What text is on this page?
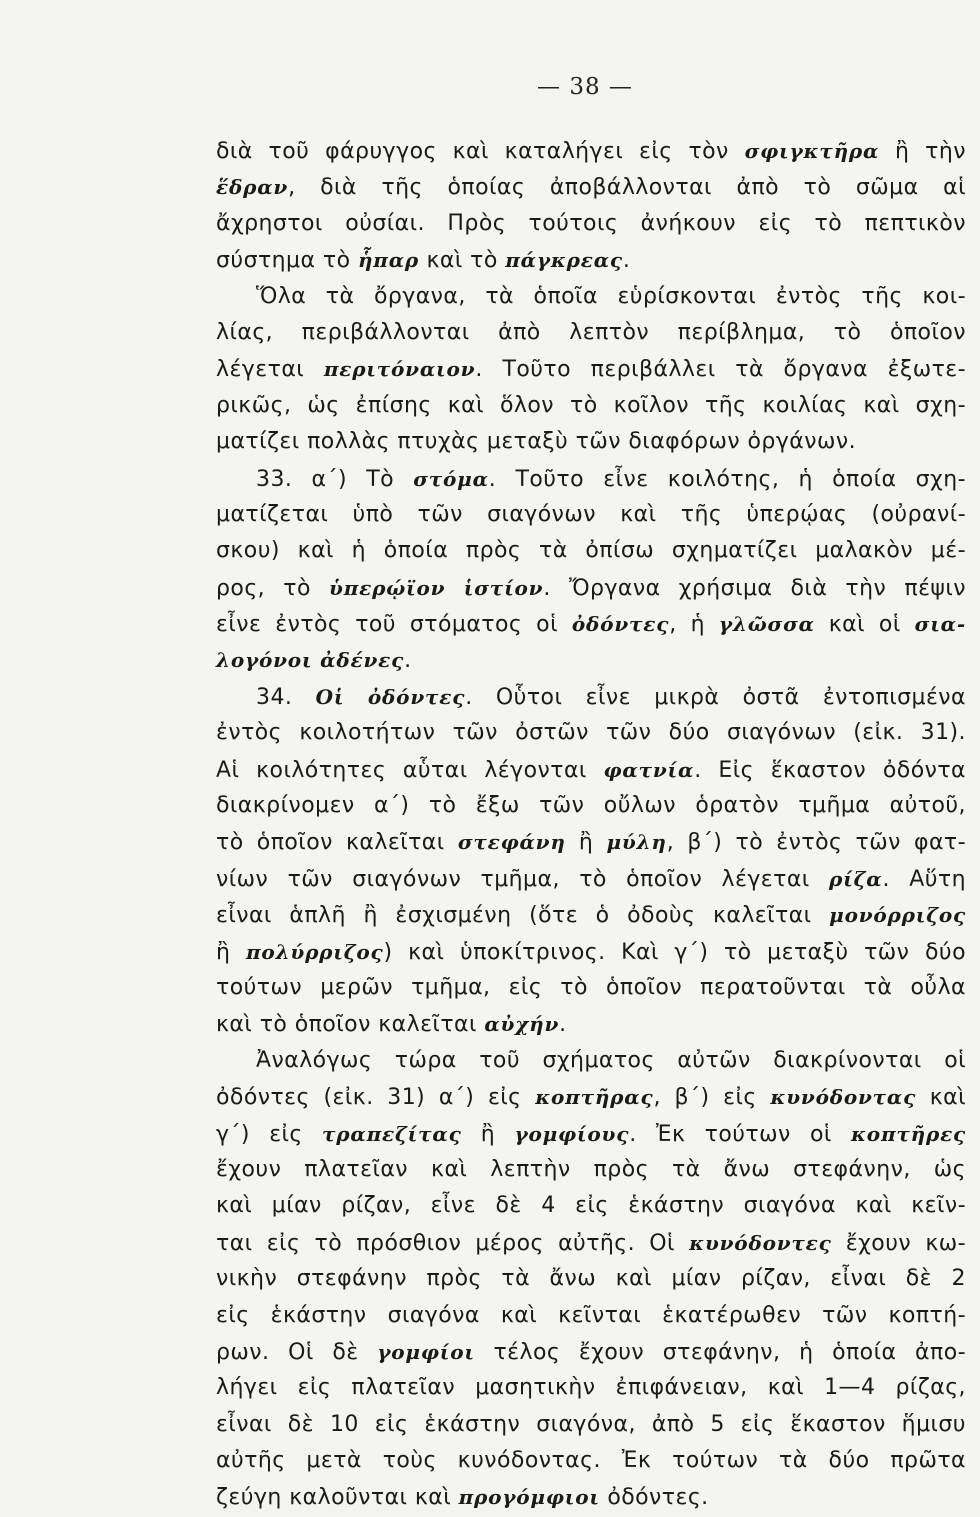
— 38 —
διὰ τοῦ φάρυγγος καὶ καταλήγει εἰς τὸν σφιγκτῆρα ἢ τὴν
ἕδραν, διὰ τῆς ὁποίας ἀποβάλλονται ἀπὸ τὸ σῶμα αἱ
ἄχρηστοι οὐσίαι. Πρὸς τούτοις ἀνήκουν εἰς τὸ πεπτικὸν
σύστημα τὸ ἧπαρ καὶ τὸ πάγκρεας.
Ὅλα τὰ ὄργανα, τὰ ὁποῖα εὑρίσκονται ἐντὸς τῆς κοι-
λίας, περιβάλλονται ἀπὸ λεπτὸν περίβλημα, τὸ ὁποῖον
λέγεται περιτόναιον. Τοῦτο περιβάλλει τὰ ὄργανα ἐξωτε-
ρικῶς, ὡς ἐπίσης καὶ ὅλον τὸ κοῖλον τῆς κοιλίας καὶ σχη-
ματίζει πολλὰς πτυχὰς μεταξὺ τῶν διαφόρων ὀργάνων.
33. α΄) Τὸ στόμα. Τοῦτο εἶνε κοιλότης, ἡ ὁποία σχη-
ματίζεται ὑπὸ τῶν σιαγόνων καὶ τῆς ὑπερῴας (οὐρανί-
σκου) καὶ ἡ ὁποία πρὸς τὰ ὀπίσω σχηματίζει μαλακὸν μέ-
ρος, τὸ ὑπερῴϊον ἱστίον. Ὄργανα χρήσιμα διὰ τὴν πέψιν
εἶνε ἐντὸς τοῦ στόματος οἱ ὀδόντες, ἡ γλῶσσα καὶ οἱ σια-
λογόνοι ἀδένες.
34. Οἱ ὀδόντες. Οὗτοι εἶνε μικρὰ ὀστᾶ ἐντοπισμένα
ἐντὸς κοιλοτήτων τῶν ὀστῶν τῶν δύο σιαγόνων (εἰκ. 31).
Αἱ κοιλότητες αὗται λέγονται φατνία. Εἰς ἕκαστον ὀδόντα
διακρίνομεν α΄) τὸ ἔξω τῶν οὔλων ὁρατὸν τμῆμα αὐτοῦ,
τὸ ὁποῖον καλεῖται στεφάνη ἢ μύλη, β΄) τὸ ἐντὸς τῶν φατ-
νίων τῶν σιαγόνων τμῆμα, τὸ ὁποῖον λέγεται ρίζα. Αὕτη
εἶναι ἁπλῆ ἢ ἐσχισμένη (ὅτε ὁ ὀδοὺς καλεῖται μονόρριζος
ἢ πολύρριζος) καὶ ὑποκίτρινος. Καὶ γ΄) τὸ μεταξὺ τῶν δύο
τούτων μερῶν τμῆμα, εἰς τὸ ὁποῖον περατοῦνται τὰ οὖλα
καὶ τὸ ὁποῖον καλεῖται αὐχήν.
Ἀναλόγως τώρα τοῦ σχήματος αὐτῶν διακρίνονται οἱ
ὀδόντες (εἰκ. 31) α΄) εἰς κοπτῆρας, β΄) εἰς κυνόδοντας καὶ
γ΄) εἰς τραπεζίτας ἢ γομφίους. Ἐκ τούτων οἱ κοπτῆρες
ἔχουν πλατεῖαν καὶ λεπτὴν πρὸς τὰ ἄνω στεφάνην, ὡς
καὶ μίαν ρίζαν, εἶνε δὲ 4 εἰς ἑκάστην σιαγόνα καὶ κεῖν-
ται εἰς τὸ πρόσθιον μέρος αὐτῆς. Οἱ κυνόδοντες ἔχουν κω-
νικὴν στεφάνην πρὸς τὰ ἄνω καὶ μίαν ρίζαν, εἶναι δὲ 2
εἰς ἑκάστην σιαγόνα καὶ κεῖνται ἑκατέρωθεν τῶν κοπτή-
ρων. Οἱ δὲ γομφίοι τέλος ἔχουν στεφάνην, ἡ ὁποία ἀπο-
λήγει εἰς πλατεῖαν μασητικὴν ἐπιφάνειαν, καὶ 1—4 ρίζας,
εἶναι δὲ 10 εἰς ἑκάστην σιαγόνα, ἀπὸ 5 εἰς ἕκαστον ἥμισυ
αὐτῆς μετὰ τοὺς κυνόδοντας. Ἐκ τούτων τὰ δύο πρῶτα
ζεύγη καλοῦνται καὶ προγόμφιοι ὀδόντες.
